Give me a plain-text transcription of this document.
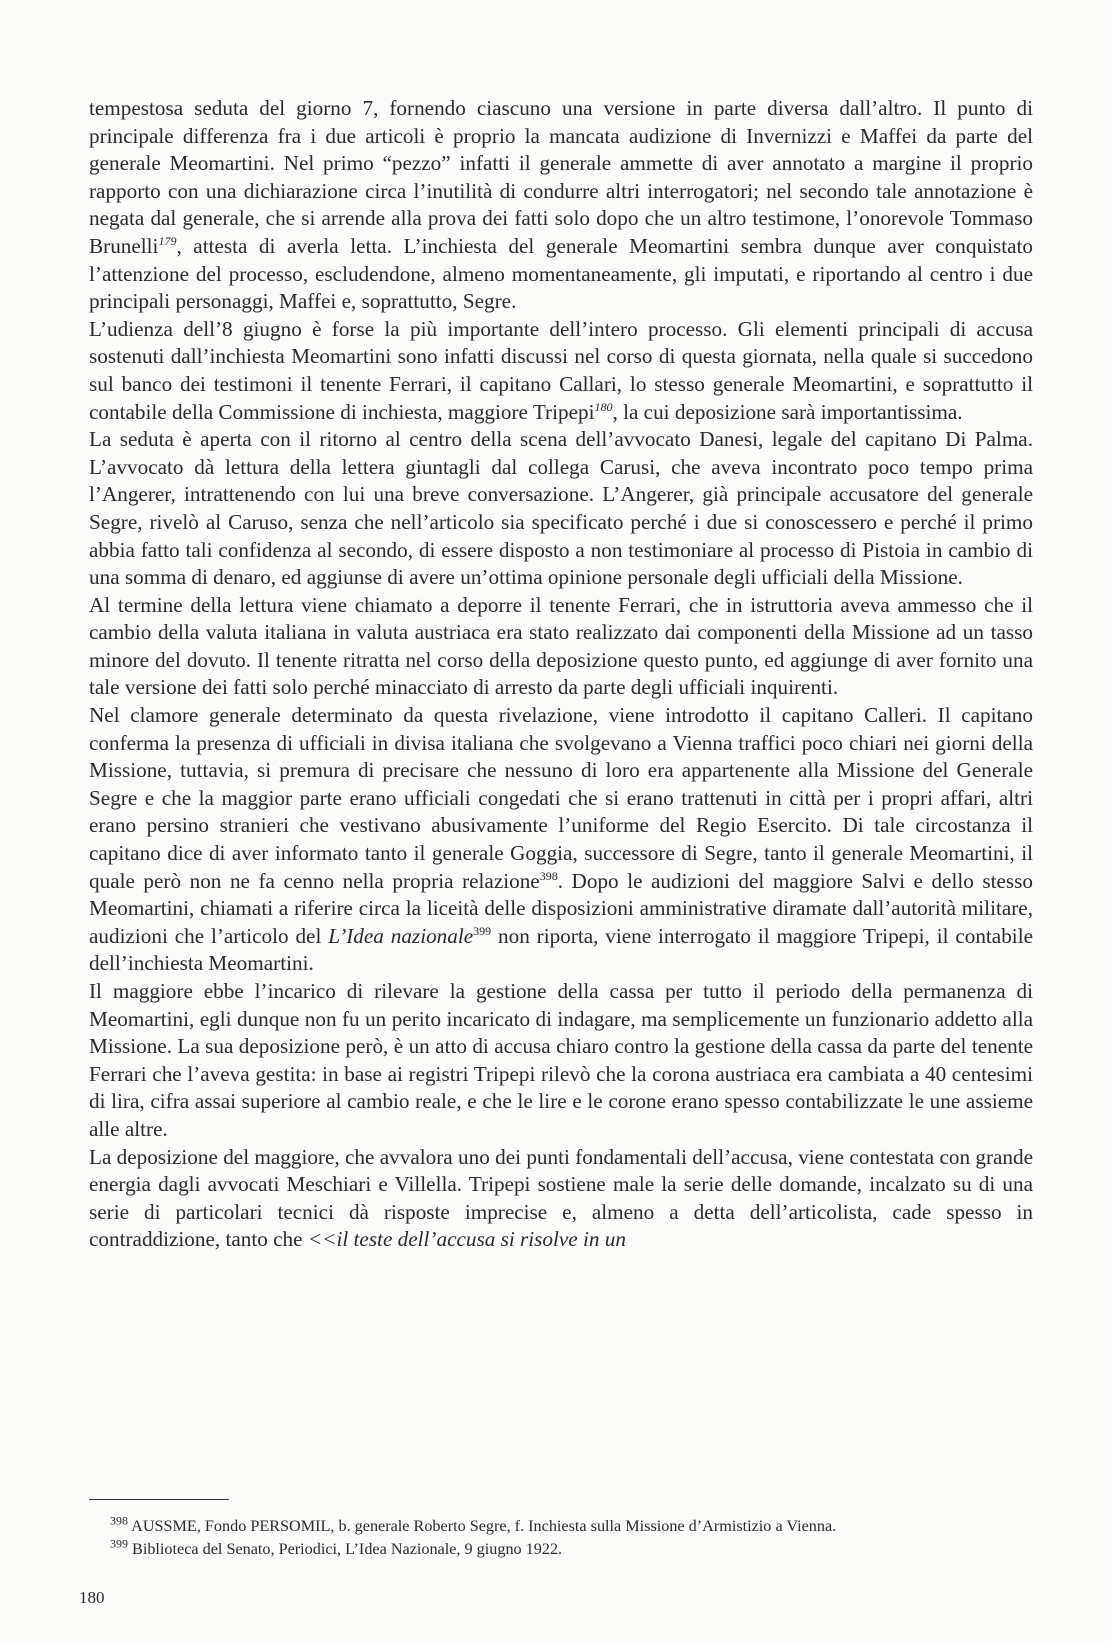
tempestosa seduta del giorno 7, fornendo ciascuno una versione in parte diversa dall’altro. Il punto di principale differenza fra i due articoli è proprio la mancata audizione di Invernizzi e Maffei da parte del generale Meomartini. Nel primo “pezzo” infatti il generale ammette di aver annotato a margine il proprio rapporto con una dichiarazione circa l’inutilità di condurre altri interrogatori; nel secondo tale annotazione è negata dal generale, che si arrende alla prova dei fatti solo dopo che un altro testimone, l’onorevole Tommaso Brunelli$^{179}$, attesta di averla letta. L’inchiesta del generale Meomartini sembra dunque aver conquistato l’attenzione del processo, escludendone, almeno momentaneamente, gli imputati, e riportando al centro i due principali personaggi, Maffei e, soprattutto, Segre.

L’udienza dell’8 giugno è forse la più importante dell’intero processo. Gli elementi principali di accusa sostenuti dall’inchiesta Meomartini sono infatti discussi nel corso di questa giornata, nella quale si succedono sul banco dei testimoni il tenente Ferrari, il capitano Callari, lo stesso generale Meomartini, e soprattutto il contabile della Commissione di inchiesta, maggiore Tripepi$^{180}$, la cui deposizione sarà importantissima.

La seduta è aperta con il ritorno al centro della scena dell’avvocato Danesi, legale del capitano Di Palma. L’avvocato dà lettura della lettera giuntagli dal collega Carusi, che aveva incontrato poco tempo prima l’Angerer, intrattenendo con lui una breve conversazione. L’Angerer, già principale accusatore del generale Segre, rivelò al Caruso, senza che nell’articolo sia specificato perché i due si conoscessero e perché il primo abbia fatto tali confidenza al secondo, di essere disposto a non testimoniare al processo di Pistoia in cambio di una somma di denaro, ed aggiunse di avere un’ottima opinione personale degli ufficiali della Missione.

Al termine della lettura viene chiamato a deporre il tenente Ferrari, che in istruttoria aveva ammesso che il cambio della valuta italiana in valuta austriaca era stato realizzato dai componenti della Missione ad un tasso minore del dovuto. Il tenente ritratta nel corso della deposizione questo punto, ed aggiunge di aver fornito una tale versione dei fatti solo perché minacciato di arresto da parte degli ufficiali inquirenti.

Nel clamore generale determinato da questa rivelazione, viene introdotto il capitano Calleri. Il capitano conferma la presenza di ufficiali in divisa italiana che svolgevano a Vienna traffici poco chiari nei giorni della Missione, tuttavia, si premura di precisare che nessuno di loro era appartenente alla Missione del Generale Segre e che la maggior parte erano ufficiali congedati che si erano trattenuti in città per i propri affari, altri erano persino stranieri che vestivano abusivamente l’uniforme del Regio Esercito. Di tale circostanza il capitano dice di aver informato tanto il generale Goggia, successore di Segre, tanto il generale Meomartini, il quale però non ne fa cenno nella propria relazione$^{398}$. Dopo le audizioni del maggiore Salvi e dello stesso Meomartini, chiamati a riferire circa la liceità delle disposizioni amministrative diramate dall’autorità militare, audizioni che l’articolo del L’Idea nazionale$^{399}$ non riporta, viene interrogato il maggiore Tripepi, il contabile dell’inchiesta Meomartini.

Il maggiore ebbe l’incarico di rilevare la gestione della cassa per tutto il periodo della permanenza di Meomartini, egli dunque non fu un perito incaricato di indagare, ma semplicemente un funzionario addetto alla Missione. La sua deposizione però, è un atto di accusa chiaro contro la gestione della cassa da parte del tenente Ferrari che l’aveva gestita: in base ai registri Tripepi rilevò che la corona austriaca era cambiata a 40 centesimi di lira, cifra assai superiore al cambio reale, e che le lire e le corone erano spesso contabilizzate le une assieme alle altre.

La deposizione del maggiore, che avvalora uno dei punti fondamentali dell’accusa, viene contestata con grande energia dagli avvocati Meschiari e Villella. Tripepi sostiene male la serie delle domande, incalzato su di una serie di particolari tecnici dà risposte imprecise e, almeno a detta dell’articolista, cade spesso in contraddizione, tanto che <<il teste dell’accusa si risolve in un

$^{398}$ AUSSME, Fondo PERSOMIL, b. generale Roberto Segre, f. Inchiesta sulla Missione d’Armistizio a Vienna.

$^{399}$ Biblioteca del Senato, Periodici, L’Idea Nazionale, 9 giugno 1922.

180
